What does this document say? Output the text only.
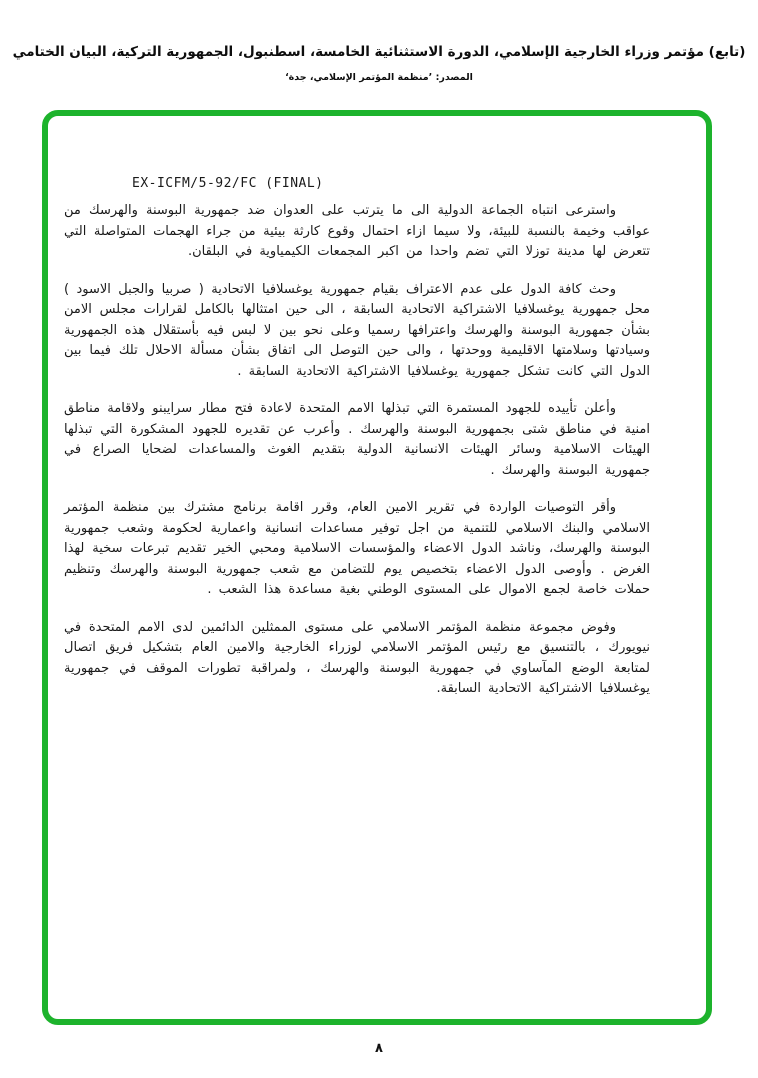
(تابع) مؤتمر وزراء الخارجية الإسلامي، الدورة الاستثنائية الخامسة، اسطنبول، الجمهورية التركية، البيان الختامي
المصدر: ’منظمة المؤتمر الإسلامي، جدة‘

EX-ICFM/5-92/FC (FINAL)

واسترعى انتباه الجماعة الدولية الى ما يترتب على العدوان ضد جمهورية البوسنة والهرسك من عواقب وخيمة بالنسبة للبيئة، ولا سيما ازاء احتمال وقوع كارثة بيئية من جراء الهجمات المتواصلة التي تتعرض لها مدينة توزلا التي تضم واحدا من اكبر المجمعات الكيمياوية في البلقان.

وحث كافة الدول على عدم الاعتراف بقيام جمهورية يوغسلافيا الاتحادية ( صربيا والجبل الاسود ) محل جمهورية يوغسلافيا الاشتراكية الاتحادية السابقة ، الى حين امتثالها بالكامل لقرارات مجلس الامن بشأن جمهورية البوسنة والهرسك واعترافها رسميا وعلى نحو بين لا لبس فيه بأستقلال هذه الجمهورية وسيادتها وسلامتها الاقليمية ووحدتها ، والى حين التوصل الى اتفاق بشأن مسألة الاحلال تلك فيما بين الدول التي كانت تشكل جمهورية يوغسلافيا الاشتراكية الاتحادية السابقة .

وأعلن تأييده للجهود المستمرة التي تبذلها الامم المتحدة لاعادة فتح مطار سرايبنو ولاقامة مناطق امنية في مناطق شتى بجمهورية البوسنة والهرسك . وأعرب عن تقديره للجهود المشكورة التي تبذلها الهيئات الاسلامية وسائر الهيئات الانسانية الدولية بتقديم الغوث والمساعدات لضحايا الصراع في جمهورية البوسنة والهرسك .

وأقر التوصيات الواردة في تقرير الامين العام، وقرر اقامة برنامج مشترك بين منظمة المؤتمر الاسلامي والبنك الاسلامي للتنمية من اجل توفير مساعدات انسانية واعمارية لحكومة وشعب جمهورية البوسنة والهرسك، وناشد الدول الاعضاء والمؤسسات الاسلامية ومحبي الخير تقديم تبرعات سخية لهذا الغرض . وأوصى الدول الاعضاء بتخصيص يوم للتضامن مع شعب جمهورية البوسنة والهرسك وتنظيم حملات خاصة لجمع الاموال على المستوى الوطني بغية مساعدة هذا الشعب .

وفوض مجموعة منظمة المؤتمر الاسلامي على مستوى الممثلين الدائمين لدى الامم المتحدة في نيويورك ، بالتنسيق مع رئيس المؤتمر الاسلامي لوزراء الخارجية والامين العام بتشكيل فريق اتصال لمتابعة الوضع المآساوي في جمهورية البوسنة والهرسك ، ولمراقبة تطورات الموقف في جمهورية يوغسلافيا الاشتراكية الاتحادية السابقة.

٨
